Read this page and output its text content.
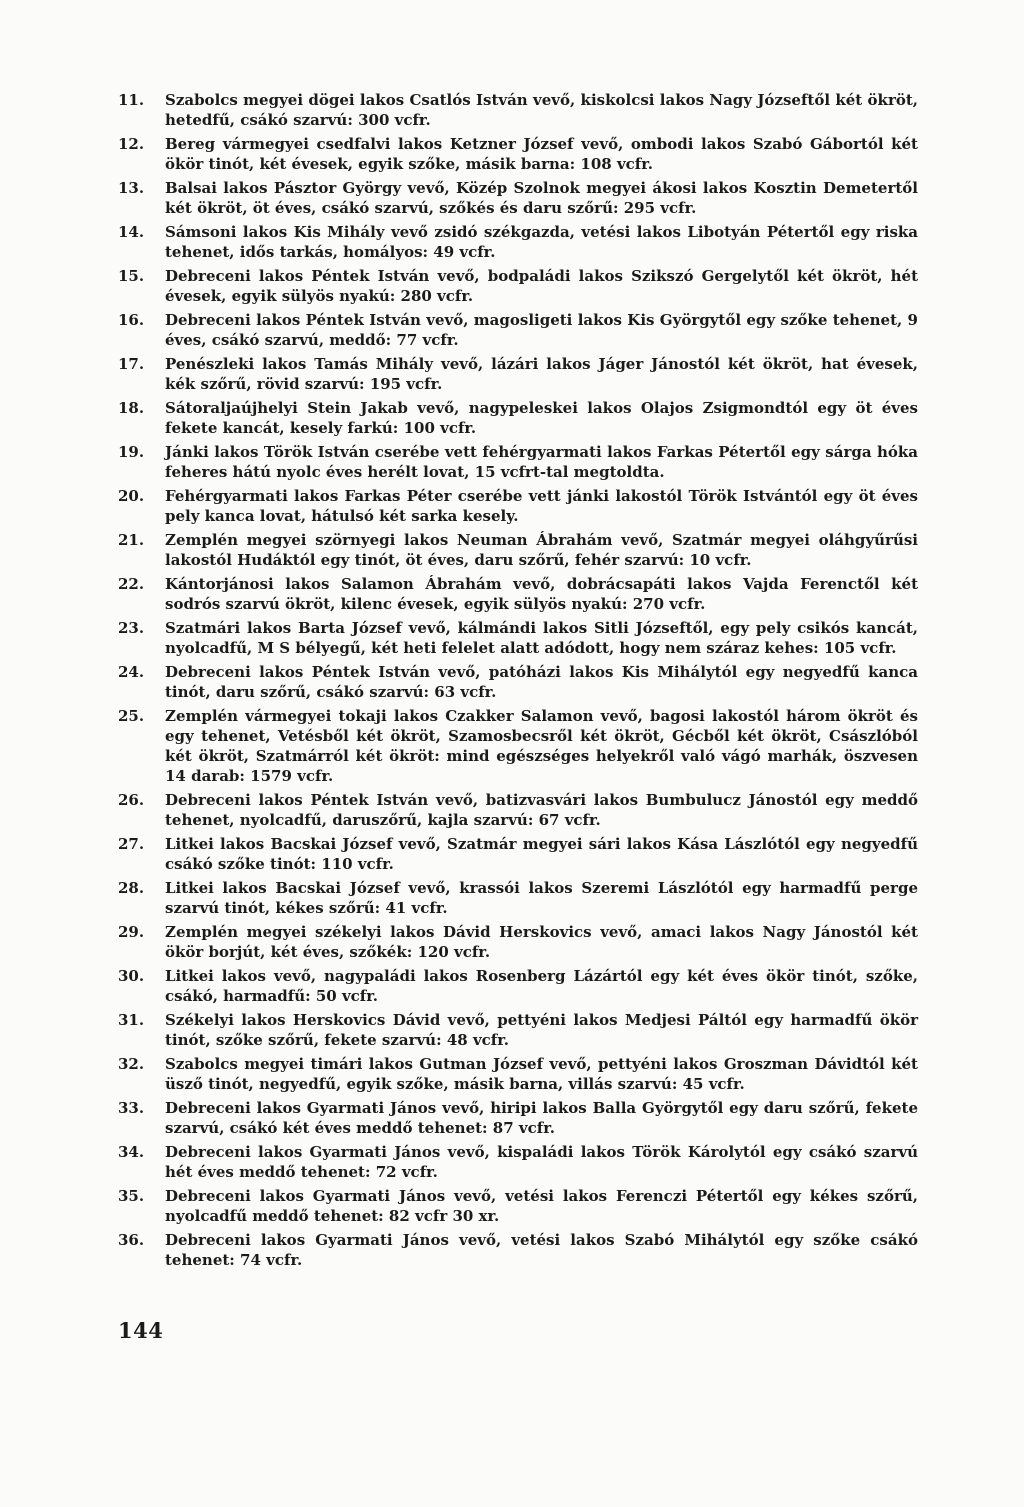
11.	Szabolcs megyei dögei lakos Csatlós István vevő, kiskolcsi lakos Nagy Józseftől két ökröt, hetedfű, csákó szarvú: 300 vcfr.
12.	Bereg vármegyei csedfalvi lakos Ketzner József vevő, ombodi lakos Szabó Gábortól két ökör tinót, két évesek, egyik szőke, másik barna: 108 vcfr.
13.	Balsai lakos Pásztor György vevő, Közép Szolnok megyei ákosi lakos Kosztin Demetertől két ökröt, öt éves, csákó szarvú, szőkés és daru szőrű: 295 vcfr.
14.	Sámsoni lakos Kis Mihály vevő zsidó székgazda, vetési lakos Libotyán Pétertől egy riska tehenet, idős tarkás, homályos: 49 vcfr.
15.	Debreceni lakos Péntek István vevő, bodpaládi lakos Szikszó Gergelytől két ökröt, hét évesek, egyik sülyös nyakú: 280 vcfr.
16.	Debreceni lakos Péntek István vevő, magosligeti lakos Kis Györgytől egy szőke tehenet, 9 éves, csákó szarvú, meddő: 77 vcfr.
17.	Penészleki lakos Tamás Mihály vevő, lázári lakos Jáger Jánostól két ökröt, hat évesek, kék szőrű, rövid szarvú: 195 vcfr.
18.	Sátoraljaújhelyi Stein Jakab vevő, nagypeleskei lakos Olajos Zsigmondtól egy öt éves fekete kancát, kesely farkú: 100 vcfr.
19.	Jánki lakos Török István cserébe vett fehérgyarmati lakos Farkas Pétertől egy sárga hóka feheres hátú nyolc éves herélt lovat, 15 vcfrt-tal megtoldta.
20.	Fehérgyarmati lakos Farkas Péter cserébe vett jánki lakostól Török Istvántól egy öt éves pely kanca lovat, hátulsó két sarka kesely.
21.	Zemplén megyei szörnyegi lakos Neuman Ábrahám vevő, Szatmár megyei oláhgyűrűsi lakostól Hudáktól egy tinót, öt éves, daru szőrű, fehér szarvú: 10 vcfr.
22.	Kántorjánosi lakos Salamon Ábrahám vevő, dobrácsapáti lakos Vajda Ferenctől két sodrós szarvú ökröt, kilenc évesek, egyik sülyös nyakú: 270 vcfr.
23.	Szatmári lakos Barta József vevő, kálmándi lakos Sitli Józseftől, egy pely csikós kancát, nyolcadfű, M S bélyegű, két heti felelet alatt adódott, hogy nem száraz kehes: 105 vcfr.
24.	Debreceni lakos Péntek István vevő, patóházi lakos Kis Mihálytól egy negyedfű kanca tinót, daru szőrű, csákó szarvú: 63 vcfr.
25.	Zemplén vármegyei tokaji lakos Czakker Salamon vevő, bagosi lakostól három ökröt és egy tehenet, Vetésből két ökröt, Szamosbecsről két ökröt, Gécből két ökröt, Császlóból két ökröt, Szatmárról két ökröt: mind egészséges helyekről való vágó marhák, öszvesen 14 darab: 1579 vcfr.
26.	Debreceni lakos Péntek István vevő, batizvasvári lakos Bumbulucz Jánostól egy meddő tehenet, nyolcadfű, daruszőrű, kajla szarvú: 67 vcfr.
27.	Litkei lakos Bacskai József vevő, Szatmár megyei sári lakos Kása Lászlótól egy negyedfű csákó szőke tinót: 110 vcfr.
28.	Litkei lakos Bacskai József vevő, krassói lakos Szeremi Lászlótól egy harmadfű perge szarvú tinót, kékes szőrű: 41 vcfr.
29.	Zemplén megyei székelyi lakos Dávid Herskovics vevő, amaci lakos Nagy Jánostól két ökör borjút, két éves, szőkék: 120 vcfr.
30.	Litkei lakos vevő, nagypaládi lakos Rosenberg Lázártól egy két éves ökör tinót, szőke, csákó, harmadfű: 50 vcfr.
31.	Székelyi lakos Herskovics Dávid vevő, pettyéni lakos Medjesi Páltól egy harmadfű ökör tinót, szőke szőrű, fekete szarvú: 48 vcfr.
32.	Szabolcs megyei timári lakos Gutman József vevő, pettyéni lakos Groszman Dávidtól két üsző tinót, negyedfű, egyik szőke, másik barna, villás szarvú: 45 vcfr.
33.	Debreceni lakos Gyarmati János vevő, hiripi lakos Balla Györgytől egy daru szőrű, fekete szarvú, csákó két éves meddő tehenet: 87 vcfr.
34.	Debreceni lakos Gyarmati János vevő, kispaládi lakos Török Károlytól egy csákó szarvú hét éves meddő tehenet: 72 vcfr.
35.	Debreceni lakos Gyarmati János vevő, vetési lakos Ferenczi Pétertől egy kékes szőrű, nyolcadfű meddő tehenet: 82 vcfr 30 xr.
36.	Debreceni lakos Gyarmati János vevő, vetési lakos Szabó Mihálytól egy szőke csákó tehenet: 74 vcfr.
144
